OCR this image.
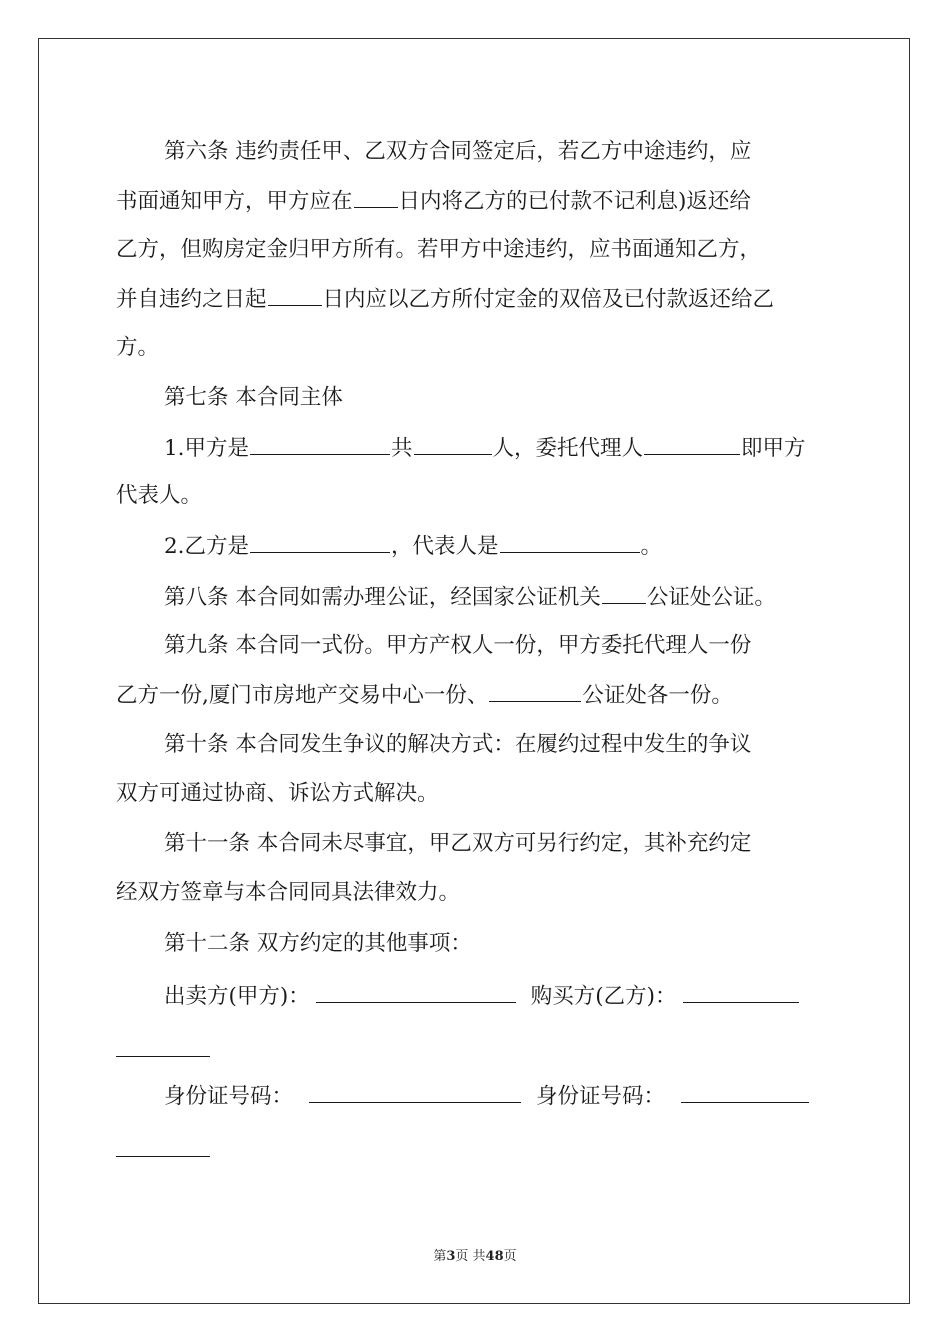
第六条 违约责任甲、乙双方合同签定后，若乙方中途违约，应
书面通知甲方，甲方应在 日内将乙方的已付款不记利息)返还给
乙方，但购房定金归甲方所有。若甲方中途违约，应书面通知乙方，
并自违约之日起	日内应以乙方所付定金的双倍及已付款返还给乙
方。
第七条 本合同主体
1.甲方是	共	人，委托代理人	即甲方
代表人。
2.乙方是	，代表人是	。
第八条 本合同如需办理公证，经国家公证机关 公证处公证。
第九条 本合同一式份。甲方产权人一份，甲方委托代理人一份
乙方一份,厦门市房地产交易中心一份、	公证处各一份。
第十条 本合同发生争议的解决方式：在履约过程中发生的争议
双方可通过协商、诉讼方式解决。
第十一条 本合同未尽事宜，甲乙双方可另行约定，其补充约定
经双方签章与本合同同具法律效力。
第十二条 双方约定的其他事项：
出卖方(甲方)：	购买方(乙方)：
身份证号码：	身份证号码：
第3页 共48页
